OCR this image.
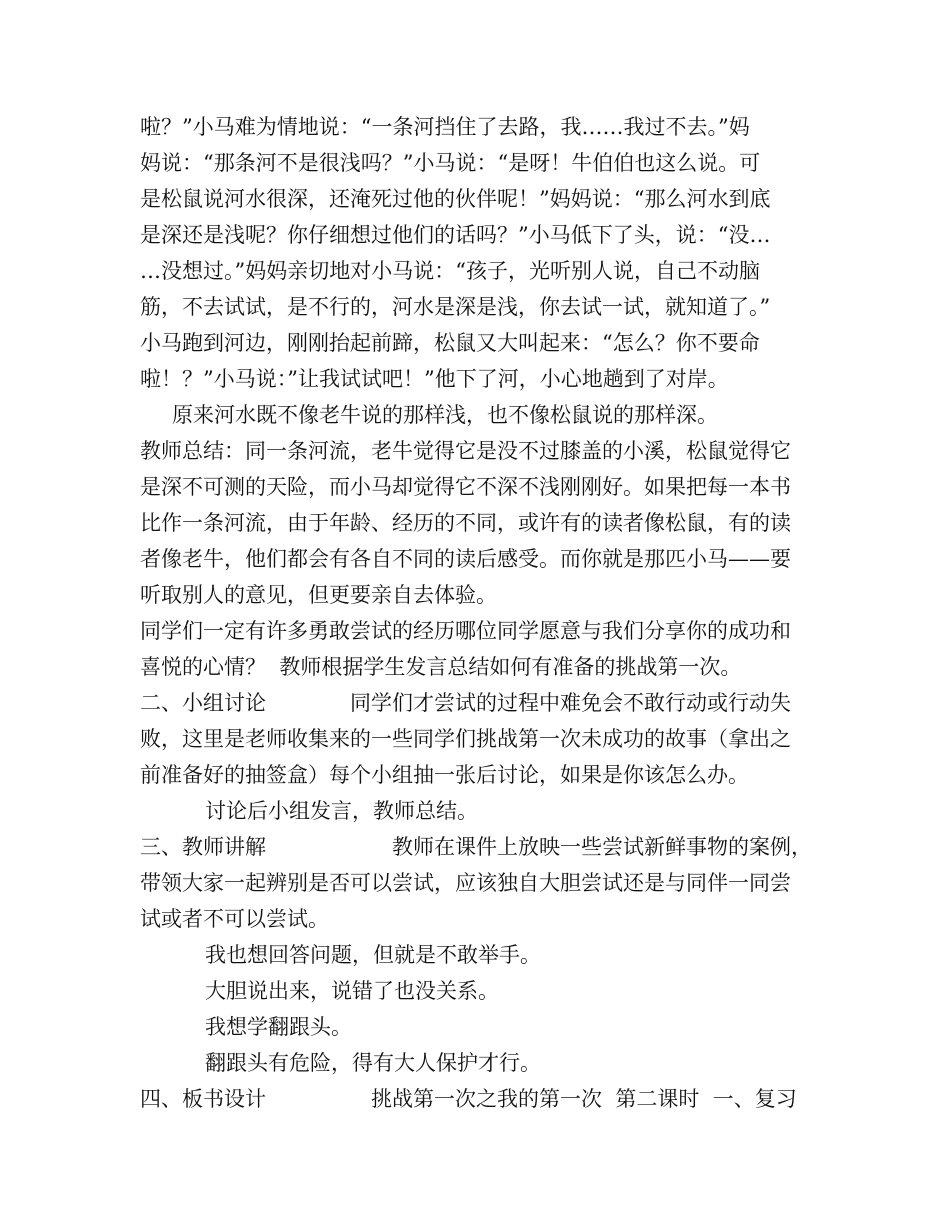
啦？”小马难为情地说：“一条河挡住了去路，我……我过不去。”妈
妈说：“那条河不是很浅吗？”小马说：“是呀！牛伯伯也这么说。可
是松鼠说河水很深，还淹死过他的伙伴呢！”妈妈说：“那么河水到底
是深还是浅呢？你仔细想过他们的话吗？”小马低下了头，说：“没…
…没想过。”妈妈亲切地对小马说：“孩子，光听别人说，自己不动脑
筋，不去试试，是不行的，河水是深是浅，你去试一试，就知道了。”
小马跑到河边，刚刚抬起前蹄，松鼠又大叫起来：“怎么？你不要命
啦！？”小马说：”让我试试吧！”他下了河，小心地趟到了对岸。
原来河水既不像老牛说的那样浅，也不像松鼠说的那样深。
教师总结：同一条河流，老牛觉得它是没不过膝盖的小溪，松鼠觉得它
是深不可测的天险，而小马却觉得它不深不浅刚刚好。如果把每一本书
比作一条河流，由于年龄、经历的不同，或许有的读者像松鼠，有的读
者像老牛，他们都会有各自不同的读后感受。而你就是那匹小马——要
听取别人的意见，但更要亲自去体验。
同学们一定有许多勇敢尝试的经历哪位同学愿意与我们分享你的成功和
喜悦的心情？  教师根据学生发言总结如何有准备的挑战第一次。
二、小组讨论	同学们才尝试的过程中难免会不敢行动或行动失
败，这里是老师收集来的一些同学们挑战第一次未成功的故事（拿出之
前准备好的抽签盒）每个小组抽一张后讨论，如果是你该怎么办。
讨论后小组发言，教师总结。
三、教师讲解	教师在课件上放映一些尝试新鲜事物的案例，
带领大家一起辨别是否可以尝试，应该独自大胆尝试还是与同伴一同尝
试或者不可以尝试。
我也想回答问题，但就是不敢举手。
大胆说出来，说错了也没关系。
我想学翻跟头。
翻跟头有危险，得有大人保护才行。
四、板书设计	挑战第一次之我的第一次  第二课时  一、复习
